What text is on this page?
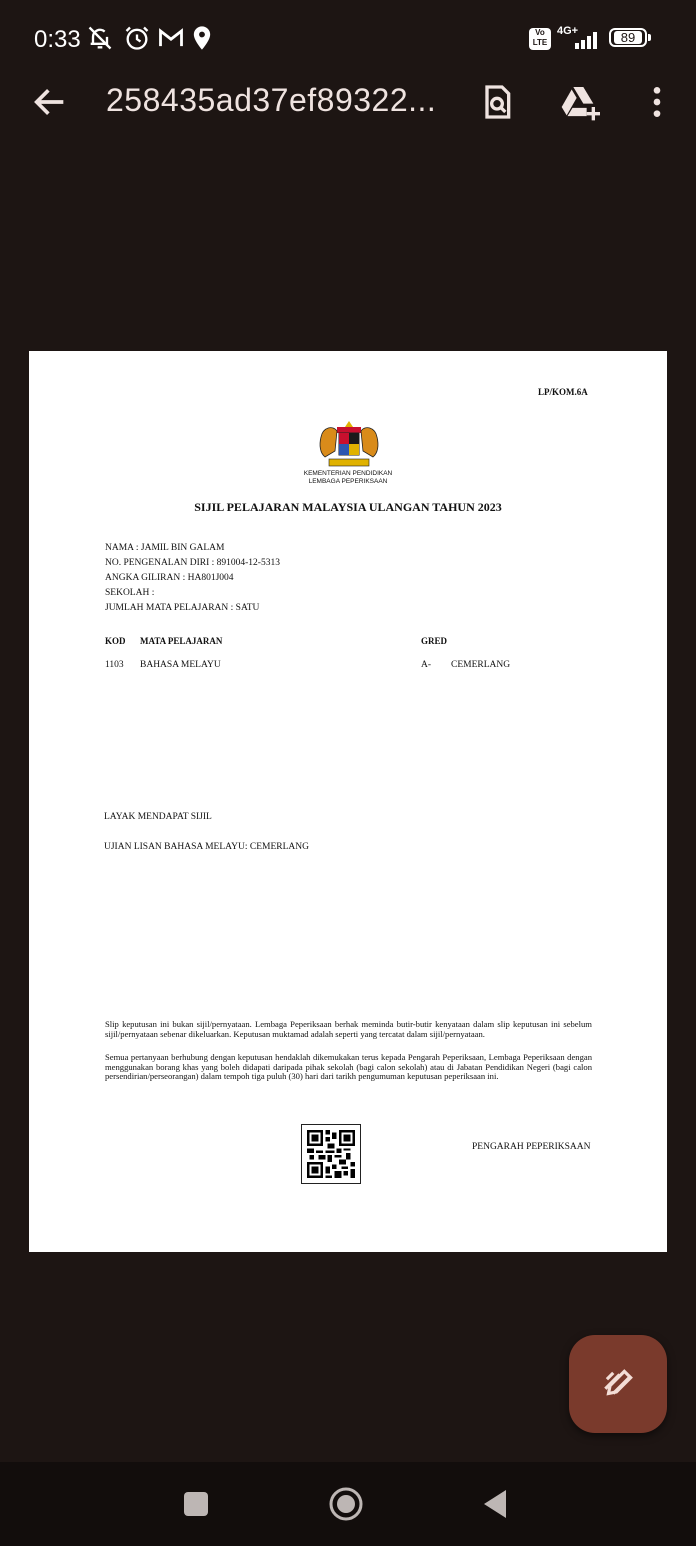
0:33	Vo LTE
4G+	89
258435ad37ef89322...
LP/KOM.6A
KEMENTERIAN PENDIDIKAN
LEMBAGA PEPERIKSAAN
SIJIL PELAJARAN MALAYSIA ULANGAN TAHUN 2023
NAMA : JAMIL BIN GALAM
NO. PENGENALAN DIRI : 891004-12-5313
ANGKA GILIRAN : HA801J004
SEKOLAH :
JUMLAH MATA PELAJARAN : SATU
KOD MATA PELAJARAN	GRED
1103 BAHASA MELAYU	A- CEMERLANG
LAYAK MENDAPAT SIJIL
UJIAN LISAN BAHASA MELAYU: CEMERLANG

Slip keputusan ini bukan sijil/pernyataan. Lembaga Peperiksaan berhak meminda butir-butir kenyataan dalam slip keputusan ini sebelum sijil/pernyataan sebenar dikeluarkan. Keputusan muktamad adalah seperti yang tercatat dalam sijil/pernyataan.

Semua pertanyaan berhubung dengan keputusan hendaklah dikemukakan terus kepada Pengarah Peperiksaan, Lembaga Peperiksaan dengan menggunakan borang khas yang boleh didapati daripada pihak sekolah (bagi calon sekolah) atau di Jabatan Pendidikan Negeri (bagi calon persendirian/perseorangan) dalam tempoh tiga puluh (30) hari dari tarikh pengumuman keputusan peperiksaan ini.

PENGARAH PEPERIKSAAN
